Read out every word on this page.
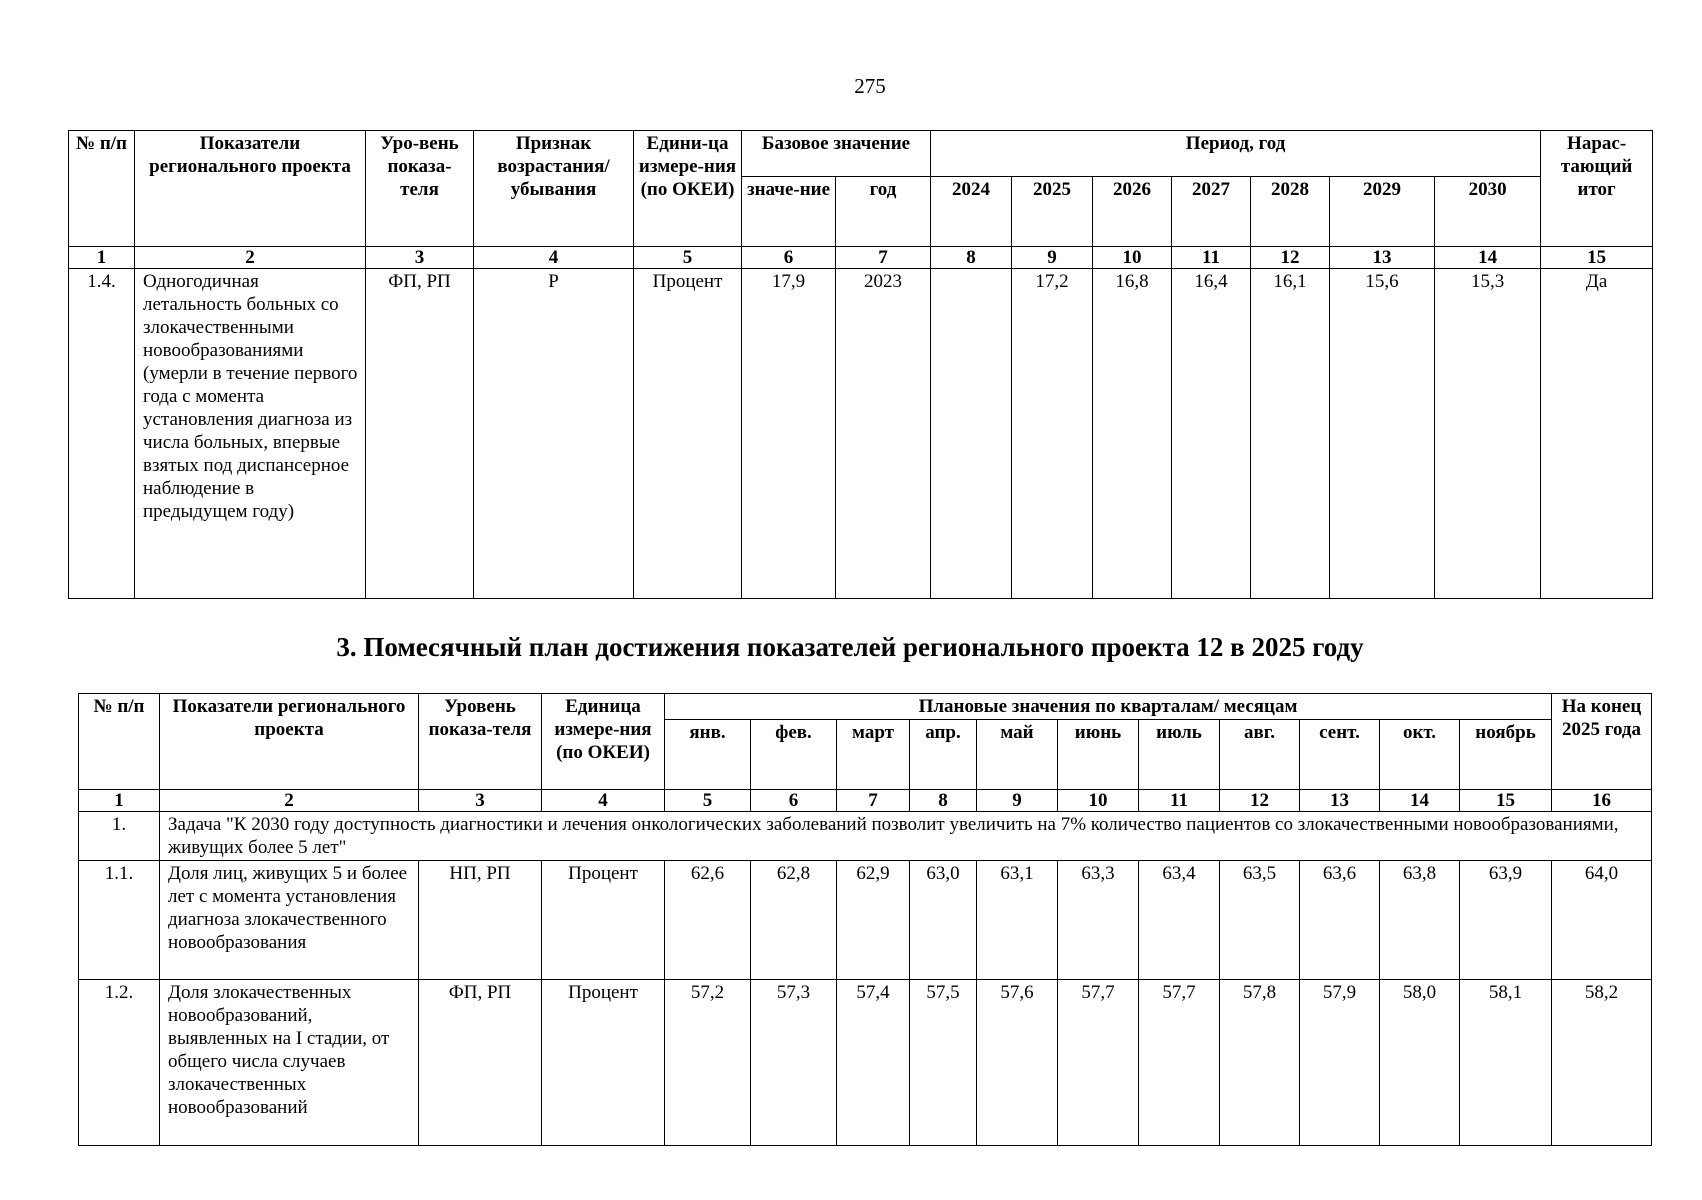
275
№ п/п	Показатели регионального проекта	Уро-вень показа-теля	Признак возрастания/ убывания	Едини-ца измере-ния (по ОКЕИ)	Базовое значение		Период, год							Нарас-тающий итог
					значе-ние	год	2024	2025	2026	2027	2028	2029	2030	
1	2	3	4	5	6	7	8	9	10	11	12	13	14	15
1.4.	Одногодичная летальность больных со злокачественными новообразованиями (умерли в течение первого года с момента установления диагноза из числа больных, впервые взятых под диспансерное наблюдение в предыдущем году)	ФП, РП	Р	Процент	17,9	2023		17,2	16,8	16,4	16,1	15,6	15,3	Да
3. Помесячный план достижения показателей регионального проекта 12 в 2025 году
№ п/п	Показатели регионального проекта	Уровень показа-теля	Единица измере-ния (по ОКЕИ)	Плановые значения по кварталам/ месяцам											На конец 2025 года
				янв.	фев.	март	апр.	май	июнь	июль	авг.	сент.	окт.	ноябрь	
1	2	3	4	5	6	7	8	9	10	11	12	13	14	15	16
1.	Задача "К 2030 году доступность диагностики и лечения онкологических заболеваний позволит увеличить на 7% количество пациентов со злокачественными новообразованиями, живущих более 5 лет"														
1.1.	Доля лиц, живущих 5 и более лет с момента установления диагноза злокачественного новообразования	НП, РП	Процент	62,6	62,8	62,9	63,0	63,1	63,3	63,4	63,5	63,6	63,8	63,9	64,0
1.2.	Доля злокачественных новообразований, выявленных на I стадии, от общего числа случаев злокачественных новообразований	ФП, РП	Процент	57,2	57,3	57,4	57,5	57,6	57,7	57,7	57,8	57,9	58,0	58,1	58,2
